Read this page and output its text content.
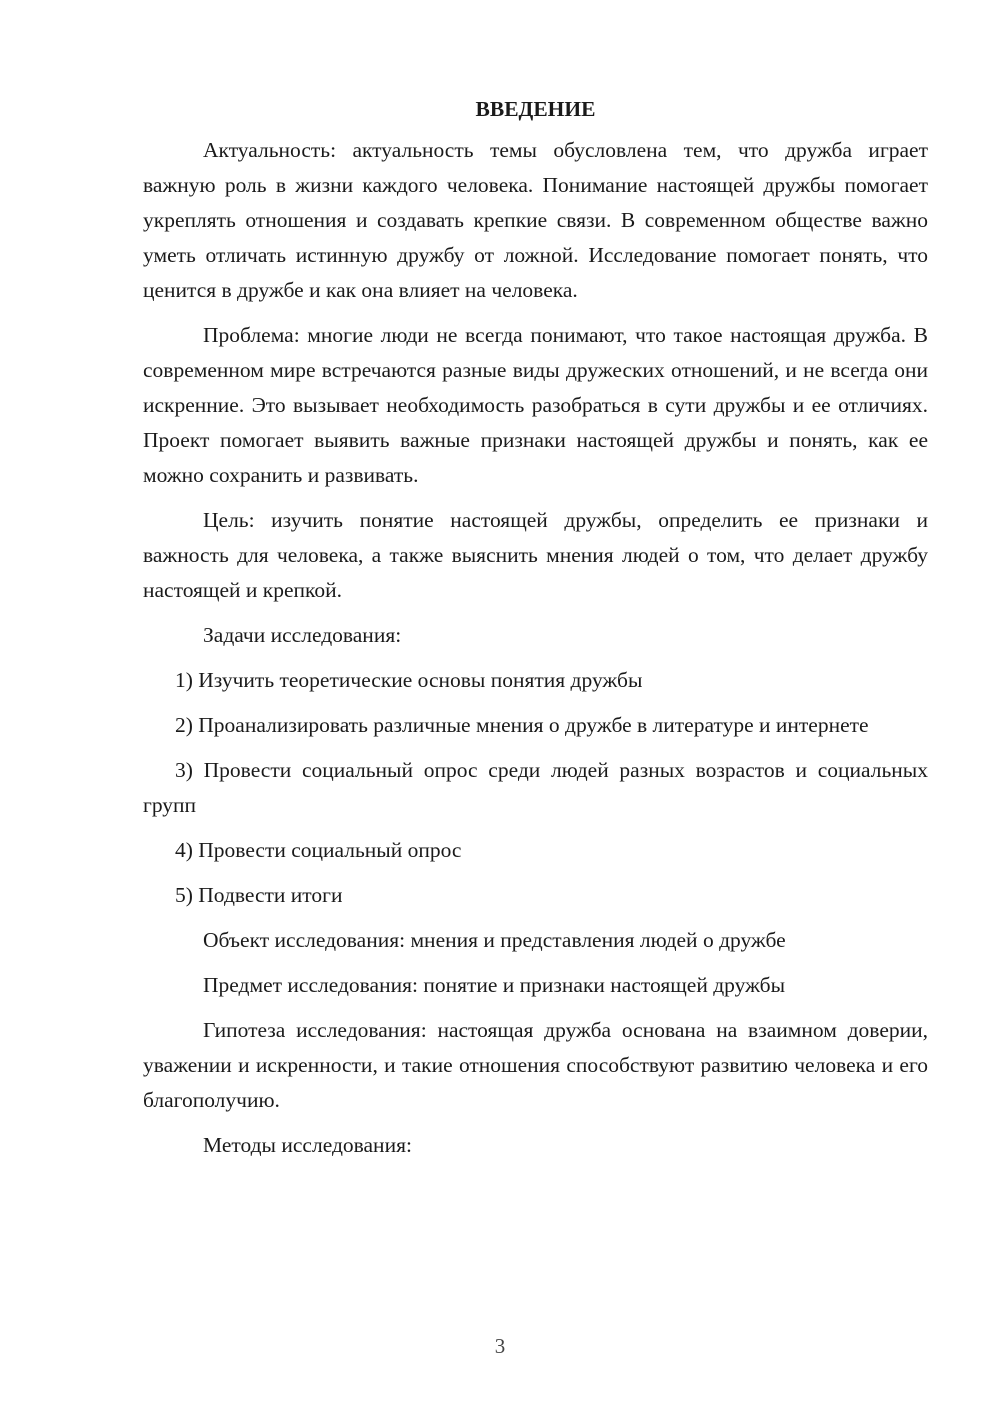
ВВЕДЕНИЕ

Актуальность: актуальность темы обусловлена тем, что дружба играет важную роль в жизни каждого человека. Понимание настоящей дружбы помогает укреплять отношения и создавать крепкие связи. В современном обществе важно уметь отличать истинную дружбу от ложной. Исследование помогает понять, что ценится в дружбе и как она влияет на человека.

Проблема: многие люди не всегда понимают, что такое настоящая дружба. В современном мире встречаются разные виды дружеских отношений, и не всегда они искренние. Это вызывает необходимость разобраться в сути дружбы и ее отличиях. Проект помогает выявить важные признаки настоящей дружбы и понять, как ее можно сохранить и развивать.

Цель: изучить понятие настоящей дружбы, определить ее признаки и важность для человека, а также выяснить мнения людей о том, что делает дружбу настоящей и крепкой.

Задачи исследования:

1) Изучить теоретические основы понятия дружбы

2) Проанализировать различные мнения о дружбе в литературе и интернете

3) Провести социальный опрос среди людей разных возрастов и социальных групп

4) Провести социальный опрос

5) Подвести итоги

Объект исследования: мнения и представления людей о дружбе

Предмет исследования: понятие и признаки настоящей дружбы

Гипотеза исследования: настоящая дружба основана на взаимном доверии, уважении и искренности, и такие отношения способствуют развитию человека и его благополучию.

Методы исследования:

3
